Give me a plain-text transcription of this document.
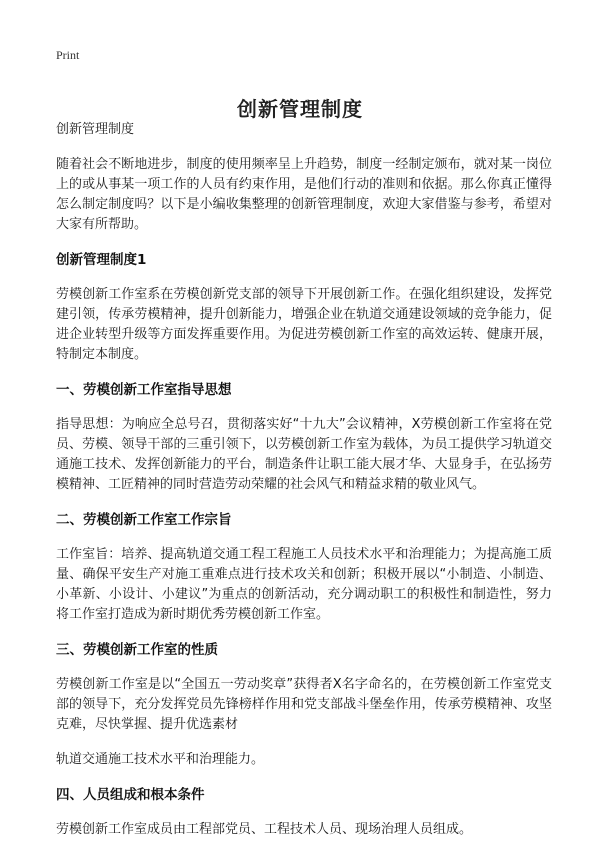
Print
创新管理制度

创新管理制度

随着社会不断地进步，制度的使用频率呈上升趋势，制度一经制定颁布，就对某一岗位上的或从事某一项工作的人员有约束作用，是他们行动的准则和依据。那么你真正懂得怎么制定制度吗？以下是小编收集整理的创新管理制度，欢迎大家借鉴与参考，希望对大家有所帮助。

创新管理制度1

劳模创新工作室系在劳模创新党支部的领导下开展创新工作。在强化组织建设，发挥党建引领，传承劳模精神，提升创新能力，增强企业在轨道交通建设领域的竞争能力，促进企业转型升级等方面发挥重要作用。为促进劳模创新工作室的高效运转、健康开展，特制定本制度。

一、劳模创新工作室指导思想

指导思想：为响应全总号召，贯彻落实好“十九大”会议精神，X劳模创新工作室将在党员、劳模、领导干部的三重引领下，以劳模创新工作室为载体，为员工提供学习轨道交通施工技术、发挥创新能力的平台，制造条件让职工能大展才华、大显身手，在弘扬劳模精神、工匠精神的同时营造劳动荣耀的社会风气和精益求精的敬业风气。

二、劳模创新工作室工作宗旨

工作室旨：培养、提高轨道交通工程工程施工人员技术水平和治理能力；为提高施工质量、确保平安生产对施工重难点进行技术攻关和创新；积极开展以“小制造、小制造、小革新、小设计、小建议”为重点的创新活动，充分调动职工的积极性和制造性，努力将工作室打造成为新时期优秀劳模创新工作室。

三、劳模创新工作室的性质

劳模创新工作室是以“全国五一劳动奖章”获得者X名字命名的，在劳模创新工作室党支部的领导下，充分发挥党员先锋榜样作用和党支部战斗堡垒作用，传承劳模精神、攻坚克难，尽快掌握、提升优选素材

轨道交通施工技术水平和治理能力。

四、人员组成和根本条件

劳模创新工作室成员由工程部党员、工程技术人员、现场治理人员组成。
